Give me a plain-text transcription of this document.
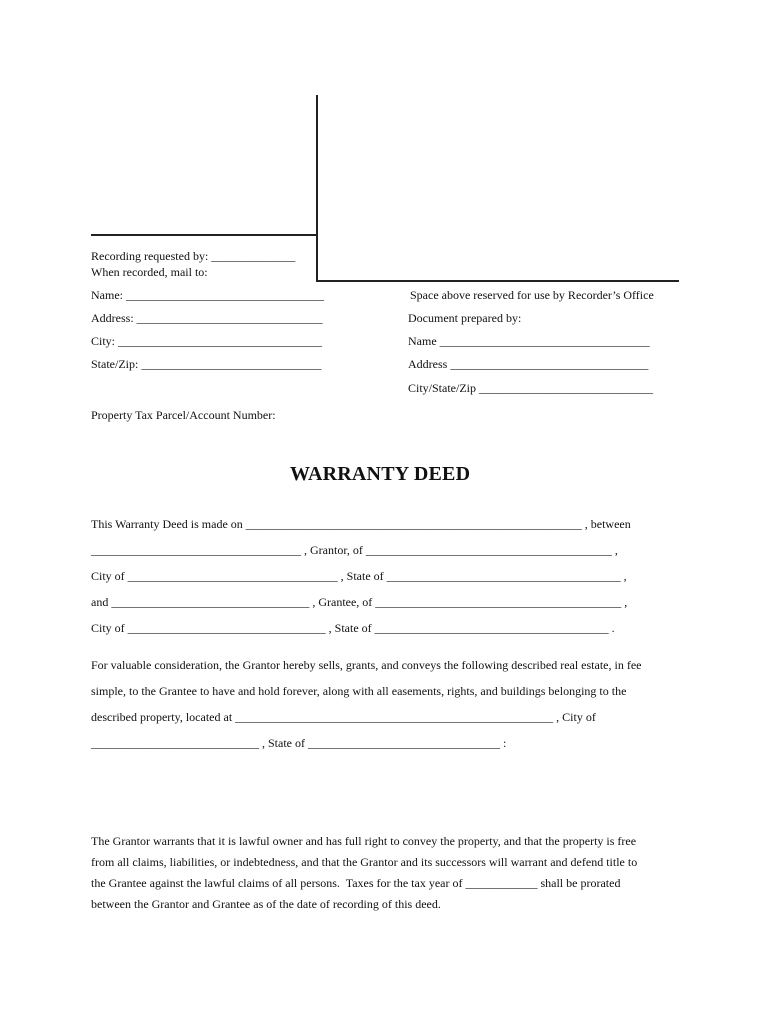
Recording requested by: ______________
When recorded, mail to:
Name: _________________________________
Address: _______________________________
City: __________________________________
State/Zip: ______________________________
Space above reserved for use by Recorder’s Office
Document prepared by:
Name ___________________________________
Address _________________________________
City/State/Zip _____________________________
Property Tax Parcel/Account Number:
WARRANTY DEED
This Warranty Deed is made on ________________________________________________________ , between
___________________________________ , Grantor, of _________________________________________ ,
City of ___________________________________ , State of _______________________________________ ,
and _________________________________ , Grantee, of _________________________________________ ,
City of _________________________________ , State of _______________________________________ .
For valuable consideration, the Grantor hereby sells, grants, and conveys the following described real estate, in fee
simple, to the Grantee to have and hold forever, along with all easements, rights, and buildings belonging to the
described property, located at _____________________________________________________ , City of
____________________________ , State of ________________________________ :
The Grantor warrants that it is lawful owner and has full right to convey the property, and that the property is free
from all claims, liabilities, or indebtedness, and that the Grantor and its successors will warrant and defend title to
the Grantee against the lawful claims of all persons.  Taxes for the tax year of ____________ shall be prorated
between the Grantor and Grantee as of the date of recording of this deed.
